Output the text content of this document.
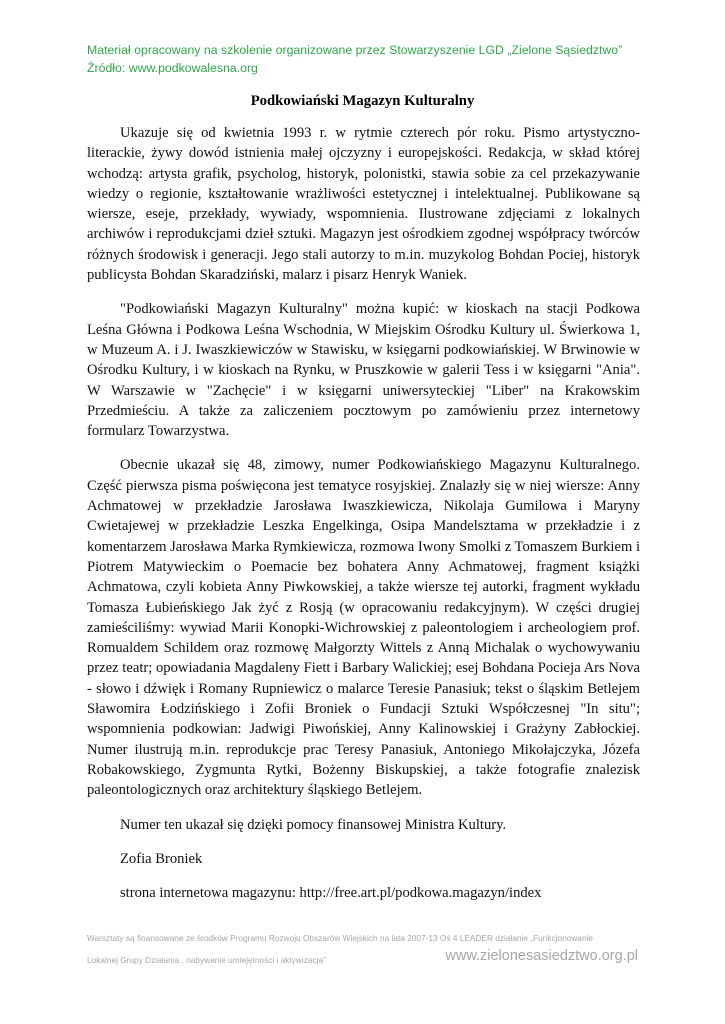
Materiał opracowany na szkolenie organizowane przez Stowarzyszenie LGD „Zielone Sąsiedztwo”
Źródło: www.podkowalesna.org
Podkowiański Magazyn Kulturalny

Ukazuje się od kwietnia 1993 r. w rytmie czterech pór roku. Pismo artystyczno-literackie, żywy dowód istnienia małej ojczyzny i europejskości. Redakcja, w skład której wchodzą: artysta grafik, psycholog, historyk, polonistki, stawia sobie za cel przekazywanie wiedzy o regionie, kształtowanie wrażliwości estetycznej i intelektualnej. Publikowane są wiersze, eseje, przekłady, wywiady, wspomnienia. Ilustrowane zdjęciami z lokalnych archiwów i reprodukcjami dzieł sztuki. Magazyn jest ośrodkiem zgodnej współpracy twórców różnych środowisk i generacji. Jego stali autorzy to m.in. muzykolog Bohdan Pociej, historyk publicysta Bohdan Skaradziński, malarz i pisarz Henryk Waniek.

"Podkowiański Magazyn Kulturalny" można kupić: w kioskach na stacji Podkowa Leśna Główna i Podkowa Leśna Wschodnia, W Miejskim Ośrodku Kultury ul. Świerkowa 1, w Muzeum A. i J. Iwaszkiewiczów w Stawisku, w księgarni podkowiańskiej. W Brwinowie w Ośrodku Kultury, i w kioskach na Rynku, w Pruszkowie w galerii Tess i w księgarni "Ania". W Warszawie w "Zachęcie" i w księgarni uniwersyteckiej "Liber" na Krakowskim Przedmieściu. A także za zaliczeniem pocztowym po zamówieniu przez internetowy formularz Towarzystwa.

Obecnie ukazał się 48, zimowy, numer Podkowiańskiego Magazynu Kulturalnego. Część pierwsza pisma poświęcona jest tematyce rosyjskiej. Znalazły się w niej wiersze: Anny Achmatowej w przekładzie Jarosława Iwaszkiewicza, Nikolaja Gumilowa i Maryny Cwietajewej w przekładzie Leszka Engelkinga, Osipa Mandelsztama w przekładzie i z komentarzem Jarosława Marka Rymkiewicza, rozmowa Iwony Smolki z Tomaszem Burkiem i Piotrem Matywieckim o Poemacie bez bohatera Anny Achmatowej, fragment książki Achmatowa, czyli kobieta Anny Piwkowskiej, a także wiersze tej autorki, fragment wykładu Tomasza Łubieńskiego Jak żyć z Rosją (w opracowaniu redakcyjnym). W części drugiej zamieściliśmy: wywiad Marii Konopki-Wichrowskiej z paleontologiem i archeologiem prof. Romualdem Schildem oraz rozmowę Małgorzty Wittels z Anną Michalak o wychowywaniu przez teatr; opowiadania Magdaleny Fiett i Barbary Walickiej; esej Bohdana Pocieja Ars Nova - słowo i dźwięk i Romany Rupniewicz o malarce Teresie Panasiuk; tekst o śląskim Betlejem Sławomira Łodzińskiego i Zofii Broniek o Fundacji Sztuki Współczesnej "In situ"; wspomnienia podkowian: Jadwigi Piwońskiej, Anny Kalinowskiej i Grażyny Zabłockiej. Numer ilustrują m.in. reprodukcje prac Teresy Panasiuk, Antoniego Mikołajczyka, Józefa Robakowskiego, Zygmunta Rytki, Bożenny Biskupskiej, a także fotografie znalezisk paleontologicznych oraz architektury śląskiego Betlejem.

Numer ten ukazał się dzięki pomocy finansowej Ministra Kultury.

Zofia Broniek

strona internetowa magazynu: http://free.art.pl/podkowa.magazyn/index

Warsztaty są finansowane ze środków Programu Rozwoju Obszarów Wiejskich na lata 2007-13 Oś 4 LEADER działanie „Funkcjonowanie
Lokalnej Grupy Działania , nabywanie umiejętności i aktywizacja”	www.zielonesasiedztwo.org.pl
